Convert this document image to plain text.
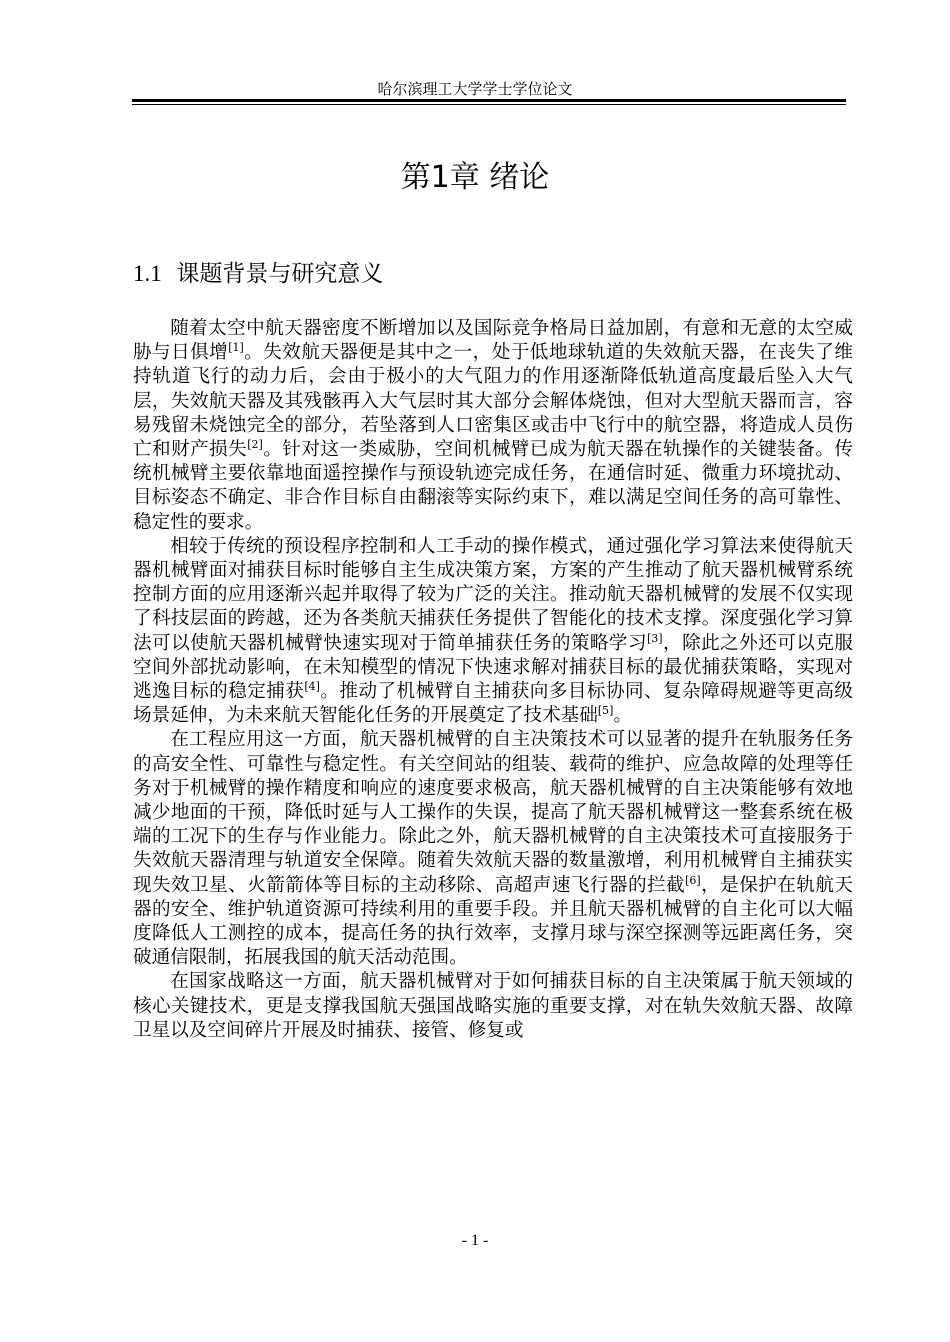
哈尔滨理工大学学士学位论文
第1章 绪论
1.1 课题背景与研究意义

随着太空中航天器密度不断增加以及国际竞争格局日益加剧，有意和无意的太空威胁与日俱增[1]。失效航天器便是其中之一，处于低地球轨道的失效航天器，在丧失了维持轨道飞行的动力后，会由于极小的大气阻力的作用逐渐降低轨道高度最后坠入大气层，失效航天器及其残骸再入大气层时其大部分会解体烧蚀，但对大型航天器而言，容易残留未烧蚀完全的部分，若坠落到人口密集区或击中飞行中的航空器，将造成人员伤亡和财产损失[2]。针对这一类威胁，空间机械臂已成为航天器在轨操作的关键装备。传统机械臂主要依靠地面遥控操作与预设轨迹完成任务，在通信时延、微重力环境扰动、目标姿态不确定、非合作目标自由翻滚等实际约束下，难以满足空间任务的高可靠性、稳定性的要求。

相较于传统的预设程序控制和人工手动的操作模式，通过强化学习算法来使得航天器机械臂面对捕获目标时能够自主生成决策方案，方案的产生推动了航天器机械臂系统控制方面的应用逐渐兴起并取得了较为广泛的关注。推动航天器机械臂的发展不仅实现了科技层面的跨越，还为各类航天捕获任务提供了智能化的技术支撑。深度强化学习算法可以使航天器机械臂快速实现对于简单捕获任务的策略学习[3]，除此之外还可以克服空间外部扰动影响，在未知模型的情况下快速求解对捕获目标的最优捕获策略，实现对逃逸目标的稳定捕获[4]。推动了机械臂自主捕获向多目标协同、复杂障碍规避等更高级场景延伸，为未来航天智能化任务的开展奠定了技术基础[5]。

在工程应用这一方面，航天器机械臂的自主决策技术可以显著的提升在轨服务任务的高安全性、可靠性与稳定性。有关空间站的组装、载荷的维护、应急故障的处理等任务对于机械臂的操作精度和响应的速度要求极高，航天器机械臂的自主决策能够有效地减少地面的干预，降低时延与人工操作的失误，提高了航天器机械臂这一整套系统在极端的工况下的生存与作业能力。除此之外，航天器机械臂的自主决策技术可直接服务于失效航天器清理与轨道安全保障。随着失效航天器的数量激增，利用机械臂自主捕获实现失效卫星、火箭箭体等目标的主动移除、高超声速飞行器的拦截[6]，是保护在轨航天器的安全、维护轨道资源可持续利用的重要手段。并且航天器机械臂的自主化可以大幅度降低人工测控的成本，提高任务的执行效率，支撑月球与深空探测等远距离任务，突破通信限制，拓展我国的航天活动范围。

在国家战略这一方面，航天器机械臂对于如何捕获目标的自主决策属于航天领域的核心关键技术，更是支撑我国航天强国战略实施的重要支撑，对在轨失效航天器、故障卫星以及空间碎片开展及时捕获、接管、修复或

- 1 -
